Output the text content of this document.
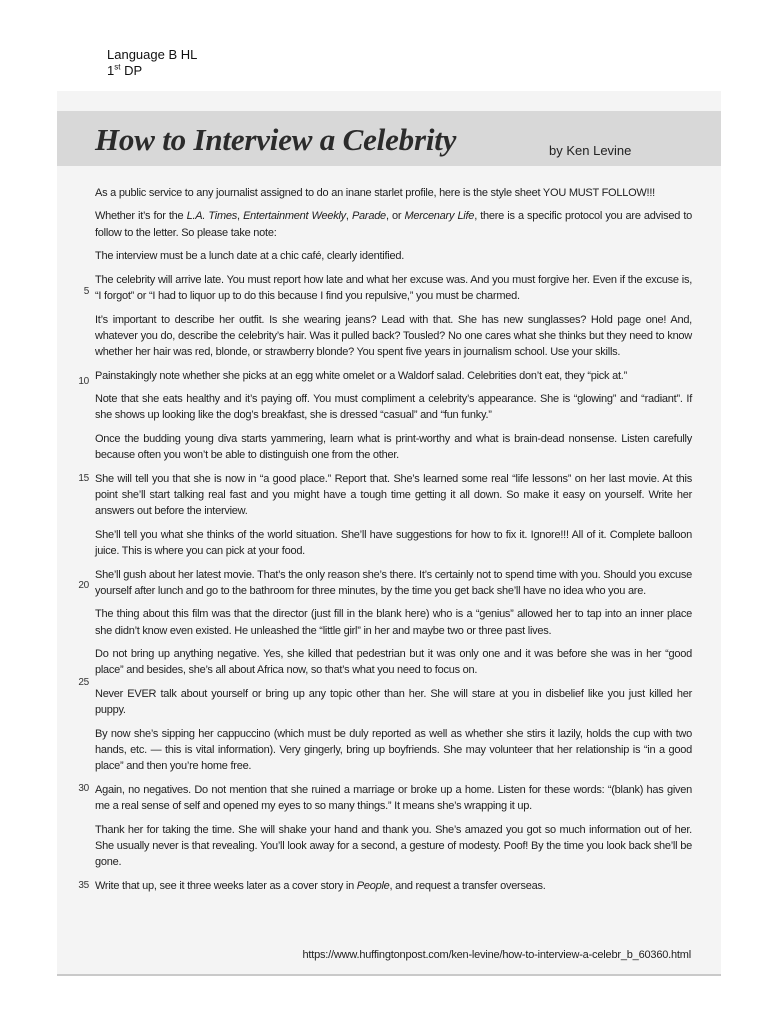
Language B HL
1st DP
How to Interview a Celebrity	by Ken Levine
5
10
15
20
25
30
35

As a public service to any journalist assigned to do an inane starlet profile, here is the style sheet YOU MUST FOLLOW!!!

Whether it’s for the L.A. Times, Entertainment Weekly, Parade, or Mercenary Life, there is a specific protocol you are advised to follow to the letter. So please take note:

The interview must be a lunch date at a chic café, clearly identified.

The celebrity will arrive late. You must report how late and what her excuse was. And you must forgive her. Even if the excuse is, “I forgot” or “I had to liquor up to do this because I find you repulsive,” you must be charmed.

It’s important to describe her outfit. Is she wearing jeans? Lead with that. She has new sunglasses? Hold page one! And, whatever you do, describe the celebrity’s hair. Was it pulled back? Tousled? No one cares what she thinks but they need to know whether her hair was red, blonde, or strawberry blonde? You spent five years in journalism school. Use your skills.

Painstakingly note whether she picks at an egg white omelet or a Waldorf salad. Celebrities don’t eat, they “pick at.”

Note that she eats healthy and it’s paying off. You must compliment a celebrity’s appearance. She is “glowing” and “radiant”. If she shows up looking like the dog’s breakfast, she is dressed “casual” and “fun funky.”

Once the budding young diva starts yammering, learn what is print-worthy and what is brain-dead nonsense. Listen carefully because often you won’t be able to distinguish one from the other.

She will tell you that she is now in “a good place.” Report that. She’s learned some real “life lessons” on her last movie. At this point she’ll start talking real fast and you might have a tough time getting it all down. So make it easy on yourself. Write her answers out before the interview.

She’ll tell you what she thinks of the world situation. She’ll have suggestions for how to fix it. Ignore!!! All of it. Complete balloon juice. This is where you can pick at your food.

She’ll gush about her latest movie. That’s the only reason she’s there. It’s certainly not to spend time with you. Should you excuse yourself after lunch and go to the bathroom for three minutes, by the time you get back she’ll have no idea who you are.

The thing about this film was that the director (just fill in the blank here) who is a “genius” allowed her to tap into an inner place she didn’t know even existed. He unleashed the “little girl” in her and maybe two or three past lives.

Do not bring up anything negative. Yes, she killed that pedestrian but it was only one and it was before she was in her “good place” and besides, she’s all about Africa now, so that’s what you need to focus on.

Never EVER talk about yourself or bring up any topic other than her. She will stare at you in disbelief like you just killed her puppy.

By now she’s sipping her cappuccino (which must be duly reported as well as whether she stirs it lazily, holds the cup with two hands, etc. — this is vital information). Very gingerly, bring up boyfriends. She may volunteer that her relationship is “in a good place” and then you’re home free.

Again, no negatives. Do not mention that she ruined a marriage or broke up a home. Listen for these words: “(blank) has given me a real sense of self and opened my eyes to so many things.” It means she’s wrapping it up.

Thank her for taking the time. She will shake your hand and thank you. She’s amazed you got so much information out of her. She usually never is that revealing. You’ll look away for a second, a gesture of modesty. Poof! By the time you look back she’ll be gone.

Write that up, see it three weeks later as a cover story in People, and request a transfer overseas.

https://www.huffingtonpost.com/ken-levine/how-to-interview-a-celebr_b_60360.html
